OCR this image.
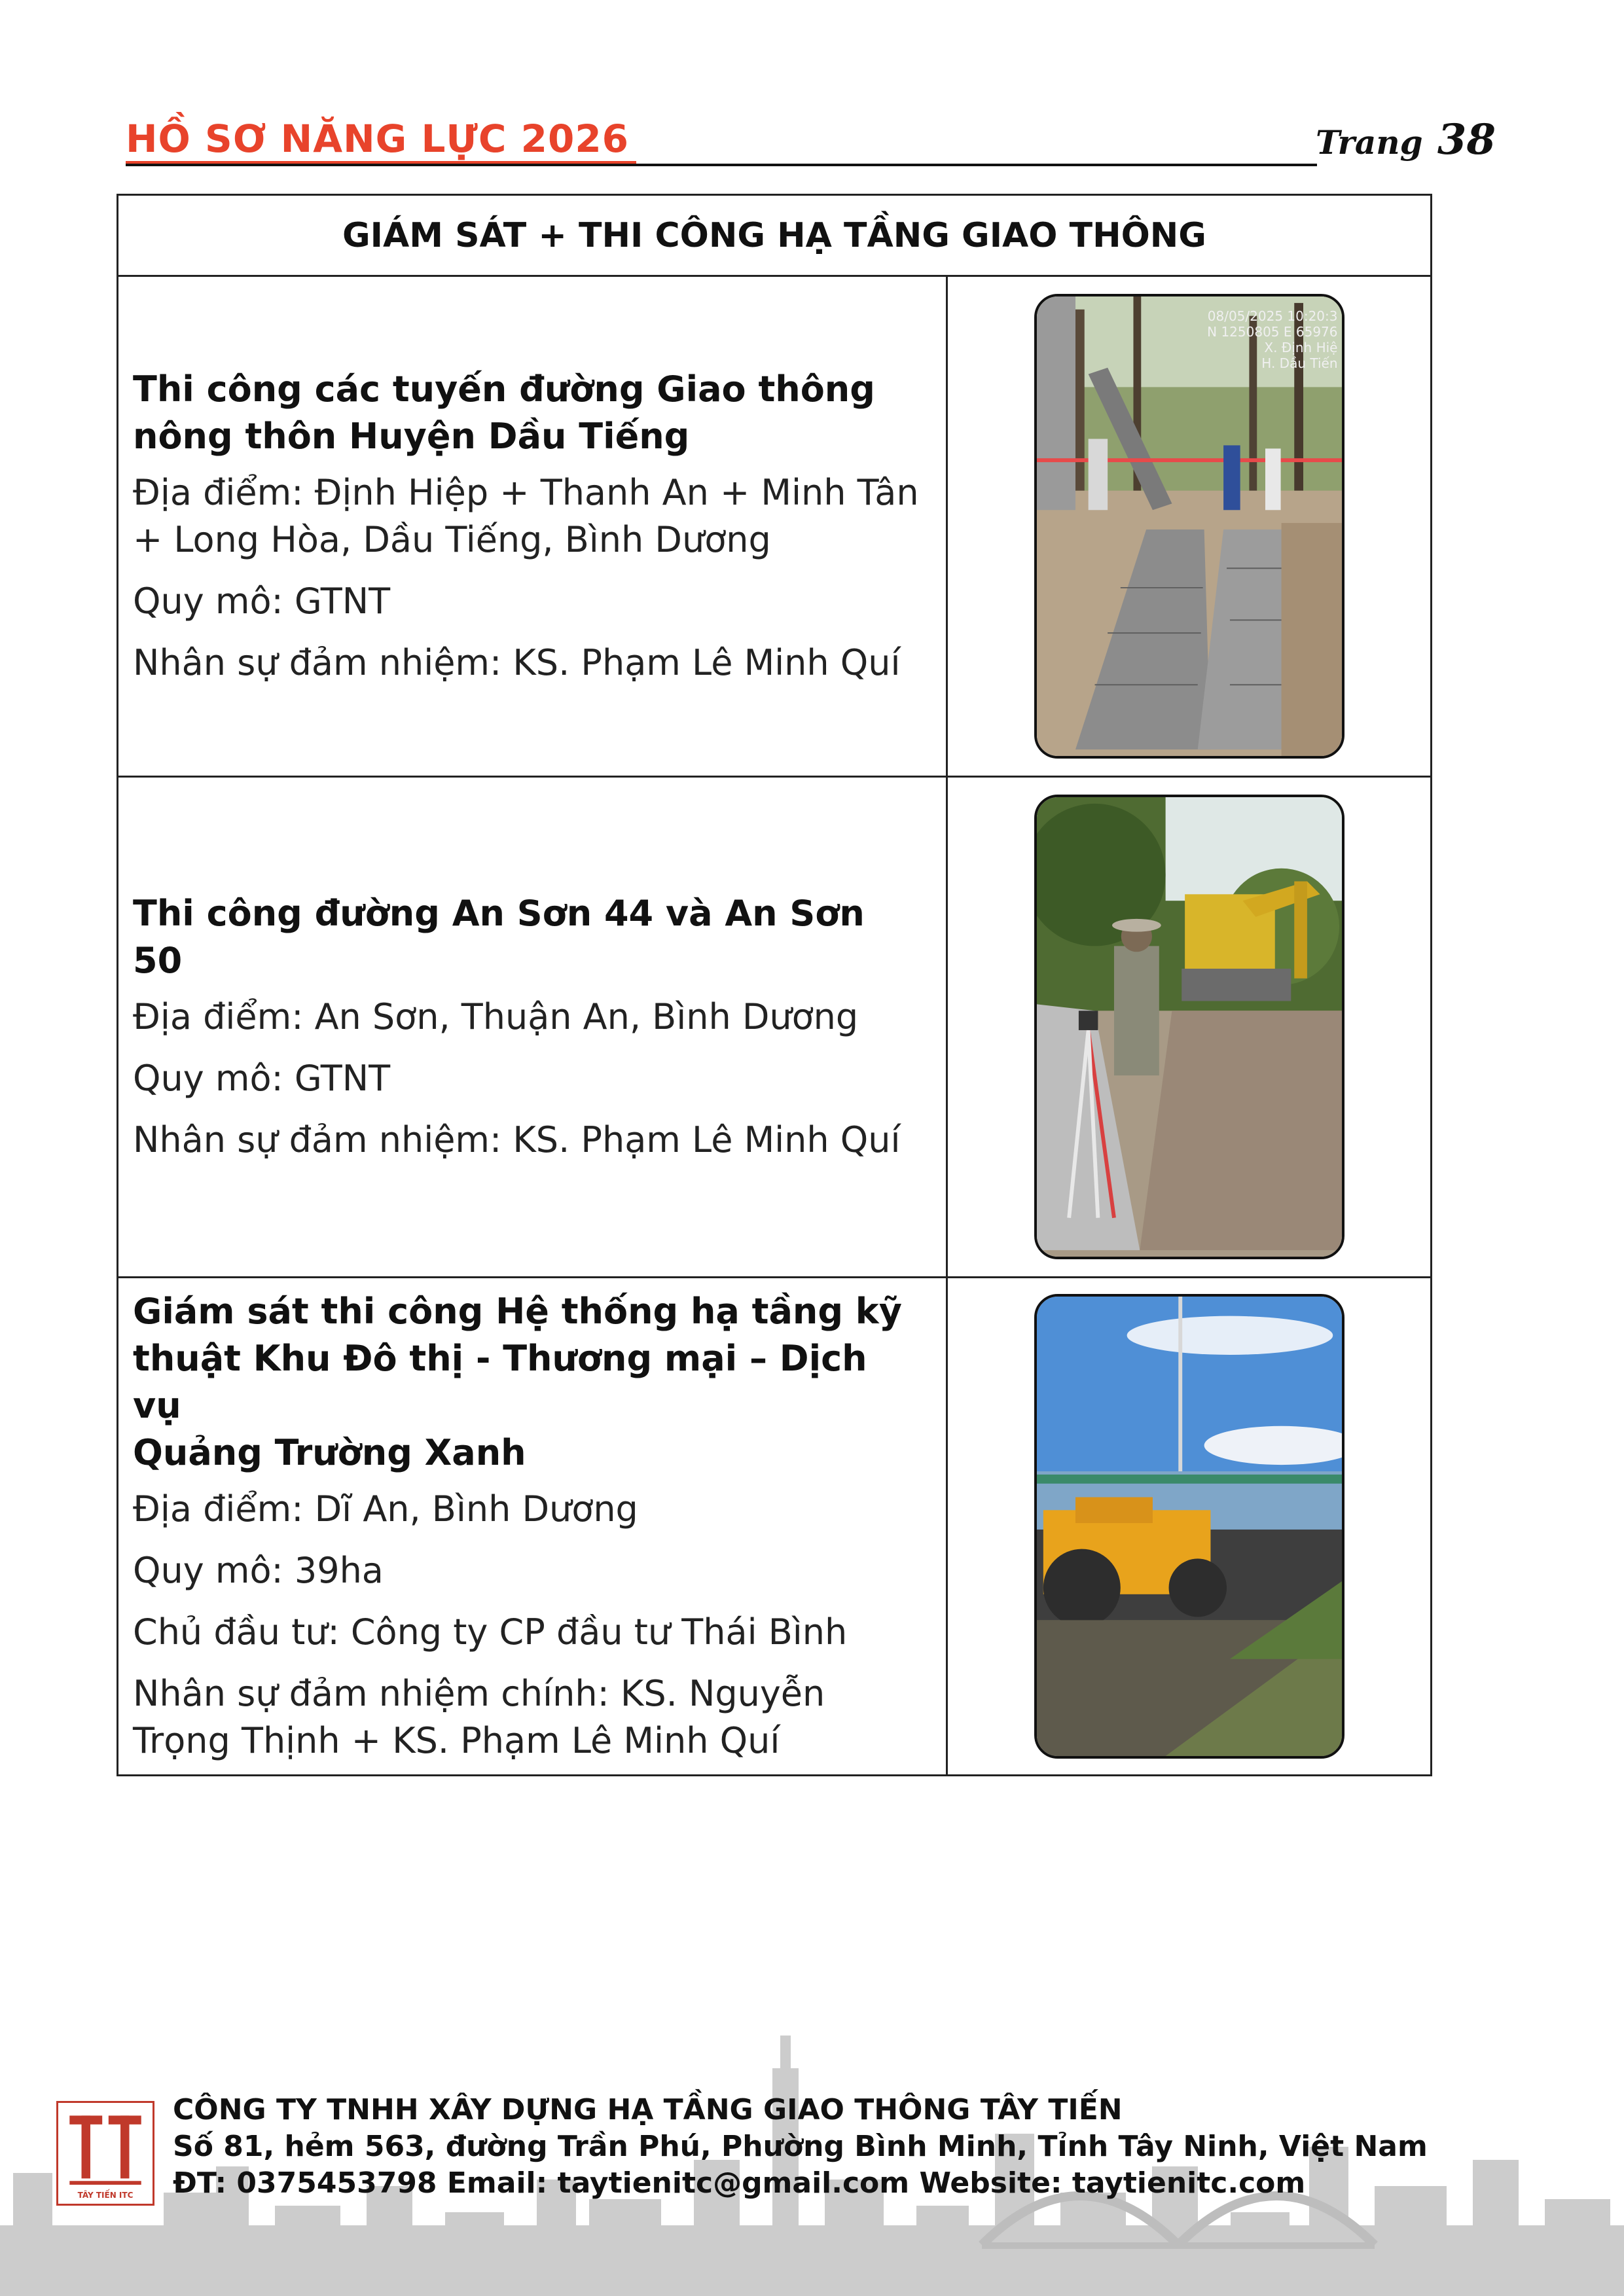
HỒ SƠ NĂNG LỰC 2026	Trang 38
GIÁM SÁT + THI CÔNG HẠ TẦNG GIAO THÔNG
Thi công các tuyến đường Giao thông
nông thôn Huyện Dầu Tiếng
Địa điểm: Định Hiệp + Thanh An + Minh Tân + Long Hòa, Dầu Tiếng, Bình Dương
Quy mô: GTNT
Nhân sự đảm nhiệm: KS. Phạm Lê Minh Quí
08/05/2025 10:20:3
N 1250805 E 65976
X. Định Hiệ
H. Dầu Tiến
Thi công đường An Sơn 44 và An Sơn 50
Địa điểm: An Sơn, Thuận An, Bình Dương
Quy mô: GTNT
Nhân sự đảm nhiệm: KS. Phạm Lê Minh Quí
Giám sát thi công Hệ thống hạ tầng kỹ
thuật Khu Đô thị - Thương mại – Dịch vụ
Quảng Trường Xanh
Địa điểm: Dĩ An, Bình Dương
Quy mô: 39ha
Chủ đầu tư: Công ty CP đầu tư Thái Bình
Nhân sự đảm nhiệm chính: KS. Nguyễn Trọng Thịnh + KS. Phạm Lê Minh Quí
TÂY TIẾN ITC
CÔNG TY TNHH XÂY DỰNG HẠ TẦNG GIAO THÔNG TÂY TIẾN
Số 81, hẻm 563, đường Trần Phú, Phường Bình Minh, Tỉnh Tây Ninh, Việt Nam
ĐT: 0375453798 Email: taytienitc@gmail.com Website: taytienitc.com
